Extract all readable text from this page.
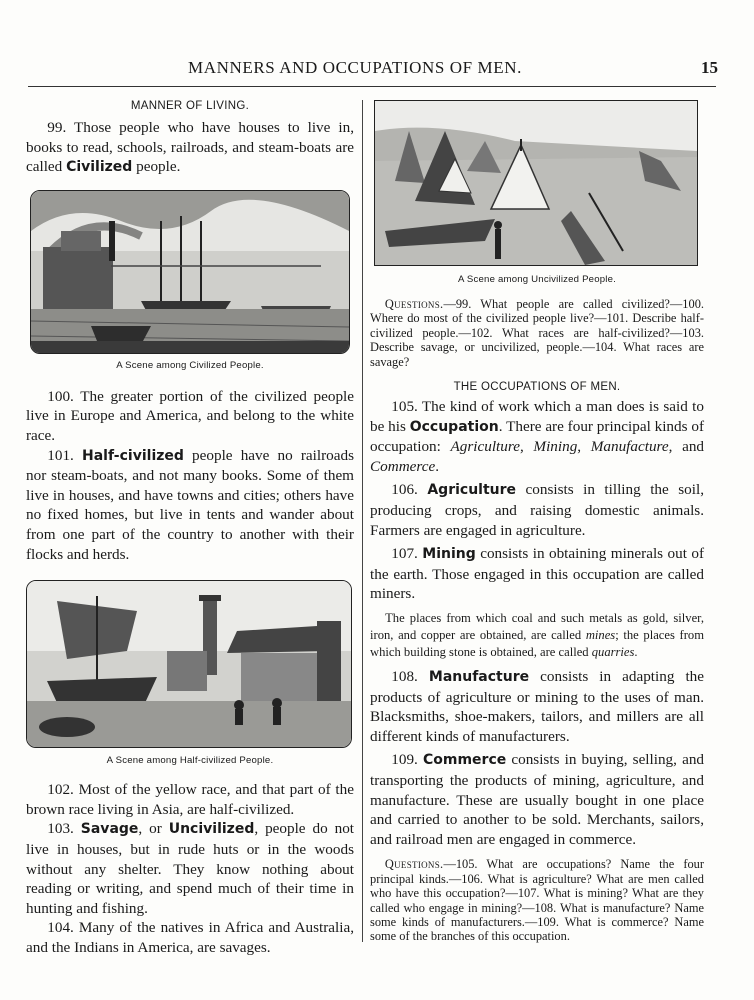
MANNERS AND OCCUPATIONS OF MEN.	15

MANNER OF LIVING.

99. Those people who have houses to live in, books to read, schools, railroads, and steam-boats are called Civilized people.

A Scene among Civilized People.

100. The greater portion of the civilized people live in Europe and America, and belong to the white race.

101. Half-civilized people have no railroads nor steam-boats, and not many books. Some of them live in houses, and have towns and cities; others have no fixed homes, but live in tents and wander about from one part of the country to another with their flocks and herds.

A Scene among Half-civilized People.

102. Most of the yellow race, and that part of the brown race living in Asia, are half-civilized.

103. Savage, or Uncivilized, people do not live in houses, but in rude huts or in the woods without any shelter. They know nothing about reading or writing, and spend much of their time in hunting and fishing.

104. Many of the natives in Africa and Australia, and the Indians in America, are savages.

A Scene among Uncivilized People.

Questions.—99. What people are called civilized?—100. Where do most of the civilized people live?—101. Describe half-civilized people.—102. What races are half-civilized?—103. Describe savage, or uncivilized, people.—104. What races are savage?

THE OCCUPATIONS OF MEN.

105. The kind of work which a man does is said to be his Occupation. There are four principal kinds of occupation: Agriculture, Mining, Manufacture, and Commerce.

106. Agriculture consists in tilling the soil, producing crops, and raising domestic animals. Farmers are engaged in agriculture.

107. Mining consists in obtaining minerals out of the earth. Those engaged in this occupation are called miners.

The places from which coal and such metals as gold, silver, iron, and copper are obtained, are called mines; the places from which building stone is obtained, are called quarries.

108. Manufacture consists in adapting the products of agriculture or mining to the uses of man. Blacksmiths, shoe-makers, tailors, and millers are all different kinds of manufacturers.

109. Commerce consists in buying, selling, and transporting the products of mining, agriculture, and manufacture. These are usually bought in one place and carried to another to be sold. Merchants, sailors, and railroad men are engaged in commerce.

Questions.—105. What are occupations? Name the four principal kinds.—106. What is agriculture? What are men called who have this occupation?—107. What is mining? What are they called who engage in mining?—108. What is manufacture? Name some kinds of manufacturers.—109. What is commerce? Name some of the branches of this occupation.
